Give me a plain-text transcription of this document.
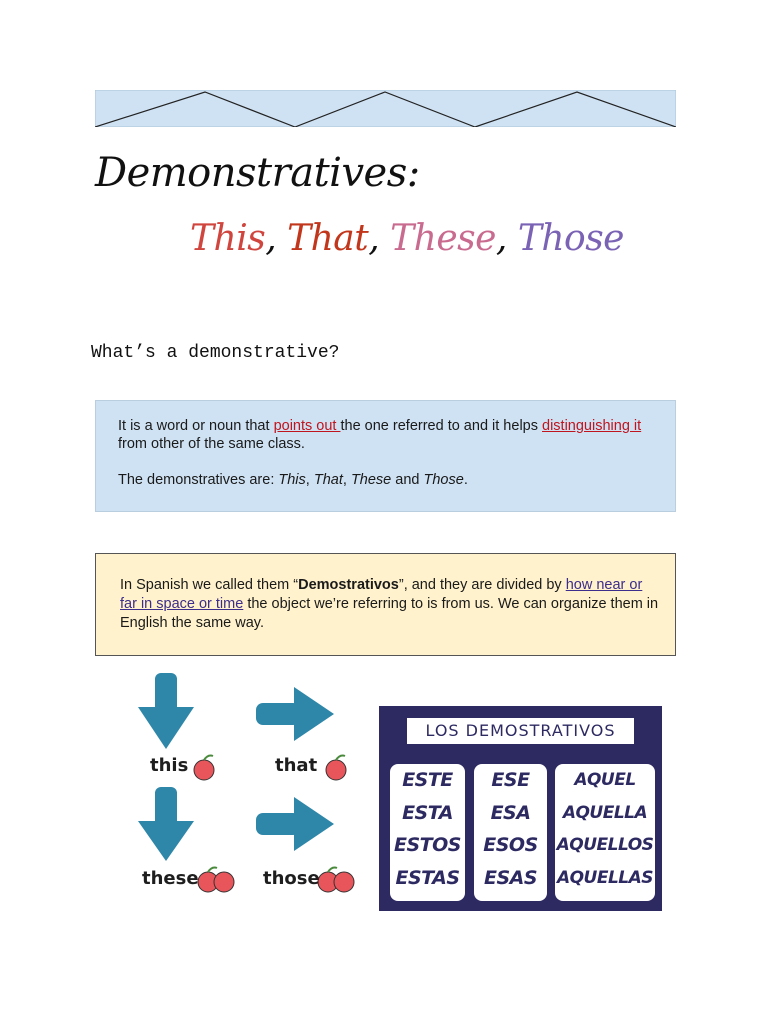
Demonstratives:
This, That, These, Those
What’s a demonstrative?

It is a word or noun that points out the one referred to and it helps distinguishing it from other of the same class.

The demonstratives are: This, That, These and Those.

In Spanish we called them “Demostrativos”, and they are divided by how near or far in space or time the object we’re referring to is from us. We can organize them in English the same way.

this	that
these	those
LOS DEMOSTRATIVOS
ESTE
ESTA
ESTOS
ESTAS
ESE
ESA
ESOS
ESAS
AQUEL
AQUELLA
AQUELLOS
AQUELLAS
